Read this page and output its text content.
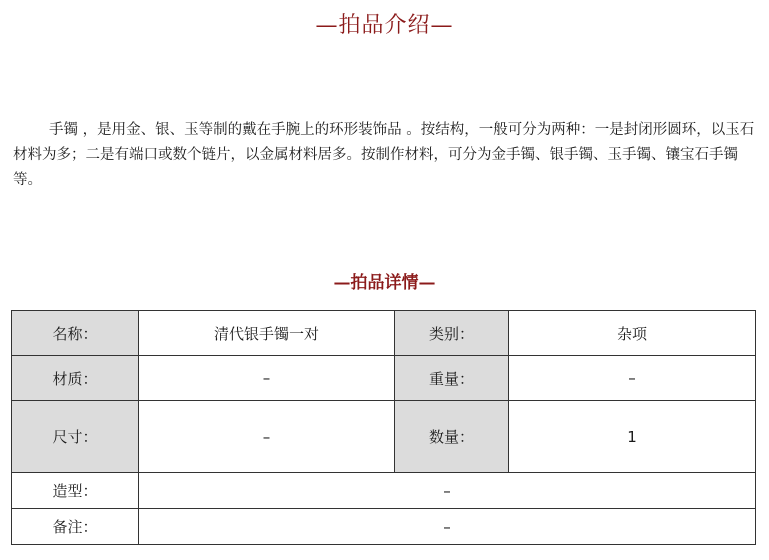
—拍品介绍—

手镯 ，是用金、银、玉等制的戴在手腕上的环形装饰品 。按结构，一般可分为两种：一是封闭形圆环，以玉石材料为多；二是有端口或数个链片，以金属材料居多。按制作材料，可分为金手镯、银手镯、玉手镯、镶宝石手镯等。

—拍品详情—
名称：	清代银手镯一对	类别：	杂项
材质：	–	重量：	–
尺寸：	–	数量：	1
造型：	–		
备注：	–		
